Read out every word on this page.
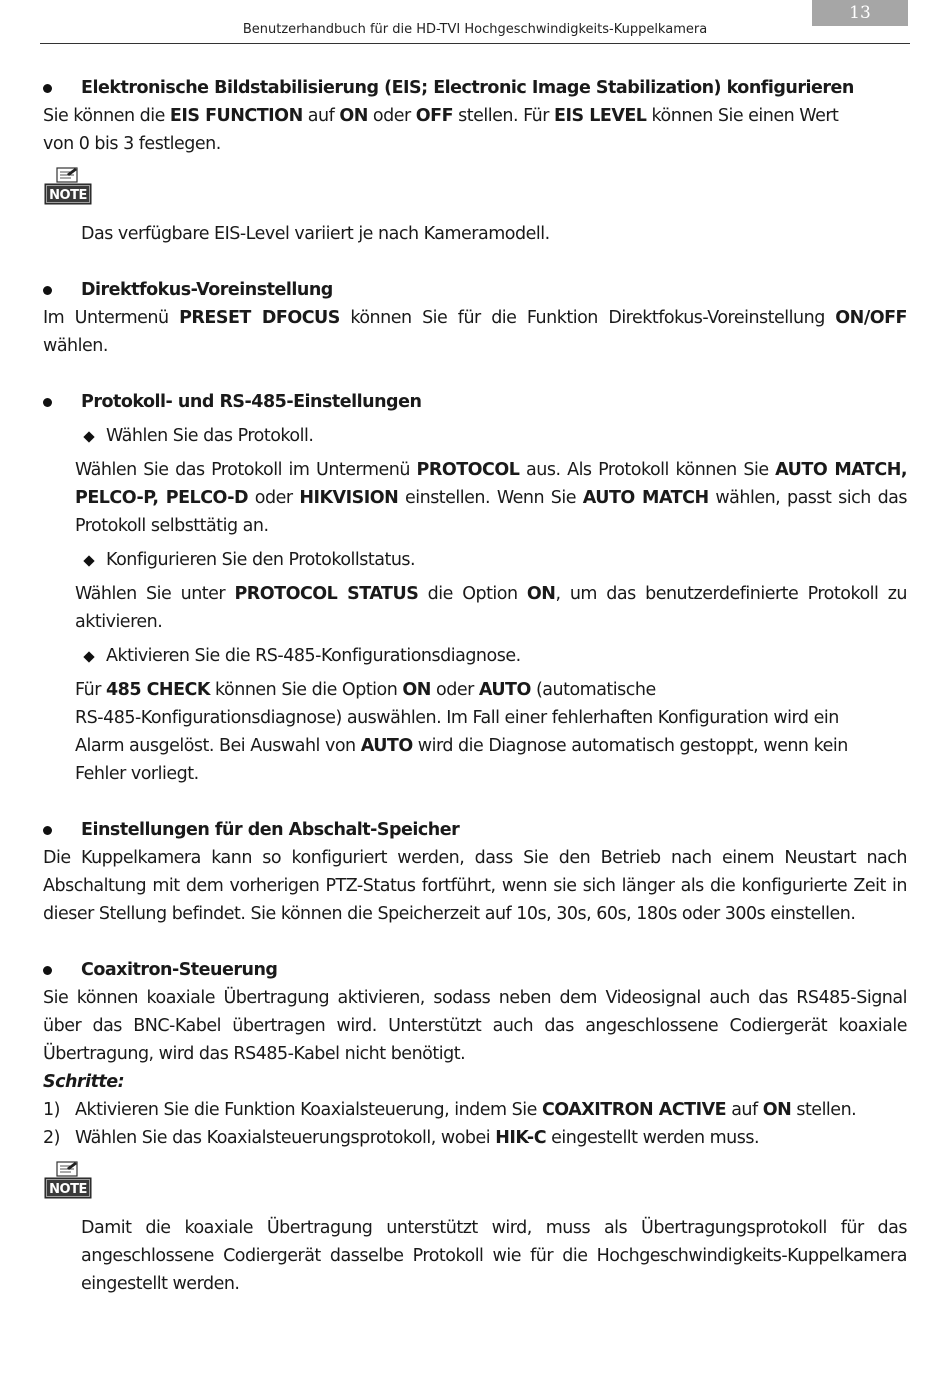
13
Benutzerhandbuch für die HD-TVI Hochgeschwindigkeits-Kuppelkamera
Elektronische Bildstabilisierung (EIS; Electronic Image Stabilization) konfigurieren

Sie können die EIS FUNCTION auf ON oder OFF stellen. Für EIS LEVEL können Sie einen Wert von 0 bis 3 festlegen.

NOTE

Das verfügbare EIS-Level variiert je nach Kameramodell.

Direktfokus-Voreinstellung

Im Untermenü PRESET DFOCUS können Sie für die Funktion Direktfokus-Voreinstellung ON/OFF wählen.

Protokoll- und RS-485-Einstellungen
Wählen Sie das Protokoll.

Wählen Sie das Protokoll im Untermenü PROTOCOL aus. Als Protokoll können Sie AUTO MATCH, PELCO-P, PELCO-D oder HIKVISION einstellen. Wenn Sie AUTO MATCH wählen, passt sich das Protokoll selbsttätig an.

Konfigurieren Sie den Protokollstatus.

Wählen Sie unter PROTOCOL STATUS die Option ON, um das benutzerdefinierte Protokoll zu aktivieren.

Aktivieren Sie die RS-485-Konfigurationsdiagnose.

Für 485 CHECK können Sie die Option ON oder AUTO (automatische

RS-485-Konfigurationsdiagnose) auswählen. Im Fall einer fehlerhaften Konfiguration wird ein

Alarm ausgelöst. Bei Auswahl von AUTO wird die Diagnose automatisch gestoppt, wenn kein

Fehler vorliegt.

Einstellungen für den Abschalt-Speicher

Die Kuppelkamera kann so konfiguriert werden, dass Sie den Betrieb nach einem Neustart nach Abschaltung mit dem vorherigen PTZ-Status fortführt, wenn sie sich länger als die konfigurierte Zeit in dieser Stellung befindet. Sie können die Speicherzeit auf 10s, 30s, 60s, 180s oder 300s einstellen.

Coaxitron-Steuerung

Sie können koaxiale Übertragung aktivieren, sodass neben dem Videosignal auch das RS485-Signal über das BNC-Kabel übertragen wird. Unterstützt auch das angeschlossene Codiergerät koaxiale Übertragung, wird das RS485-Kabel nicht benötigt.

Schritte:

1) Aktivieren Sie die Funktion Koaxialsteuerung, indem Sie COAXITRON ACTIVE auf ON stellen.
2) Wählen Sie das Koaxialsteuerungsprotokoll, wobei HIK-C eingestellt werden muss.
NOTE

Damit die koaxiale Übertragung unterstützt wird, muss als Übertragungsprotokoll für das angeschlossene Codiergerät dasselbe Protokoll wie für die Hochgeschwindigkeits-Kuppelkamera eingestellt werden.
